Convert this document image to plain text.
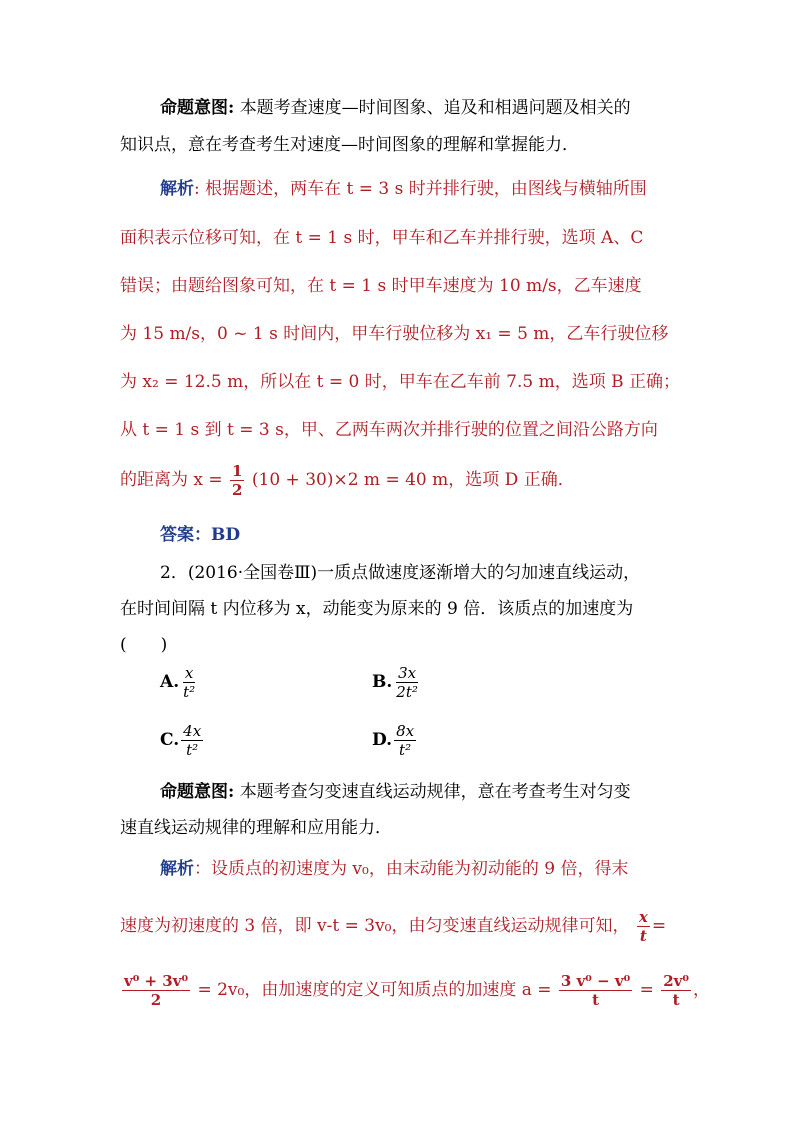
命题意图: 本题考查速度—时间图象、追及和相遇问题及相关的
知识点，意在考查考生对速度—时间图象的理解和掌握能力．
解析: 根据题述，两车在 t = 3 s 时并排行驶，由图线与横轴所围
面积表示位移可知，在 t = 1 s 时，甲车和乙车并排行驶，选项 A、C
错误；由题给图象可知，在 t = 1 s 时甲车速度为 10 m/s，乙车速度
为 15 m/s，0 ~ 1 s 时间内，甲车行驶位移为 x₁ = 5 m，乙车行驶位移
为 x₂ = 12.5 m，所以在 t = 0 时，甲车在乙车前 7.5 m，选项 B 正确；
从 t = 1 s 到 t = 3 s，甲、乙两车两次并排行驶的位置之间沿公路方向
的距离为 $x = \frac{1}{2} (10 + 30)\times 2$ m = 40 m，选项 D 正确．
答案：BD
2．(2016·全国卷Ⅲ)一质点做速度逐渐增大的匀加速直线运动，
在时间间隔 t 内位移为 x，动能变为原来的 9 倍．该质点的加速度为
(　　)
A. $\frac{x}{\text{t²}}$	B. $\frac{3x}{\text{2t²}}$
C. $\frac{4x}{\text{t²}}$	D. $\frac{8x}{\text{t²}}$
命题意图: 本题考查匀变速直线运动规律，意在考查考生对匀变
速直线运动规律的理解和应用能力．
解析：设质点的初速度为 v₀，由末动能为初动能的 9 倍，得末
速度为初速度的 3 倍，即 v-t = 3v₀，由匀变速直线运动规律可知， $\frac{x}{t}$ =
$\frac{\text{v⁰ + 3v⁰}}{2} = 2v_0$，由加速度的定义可知质点的加速度 $a = \frac{\text{3 v⁰ − v⁰}}{t} = \frac{\text{2v⁰}}{t}$ ，
